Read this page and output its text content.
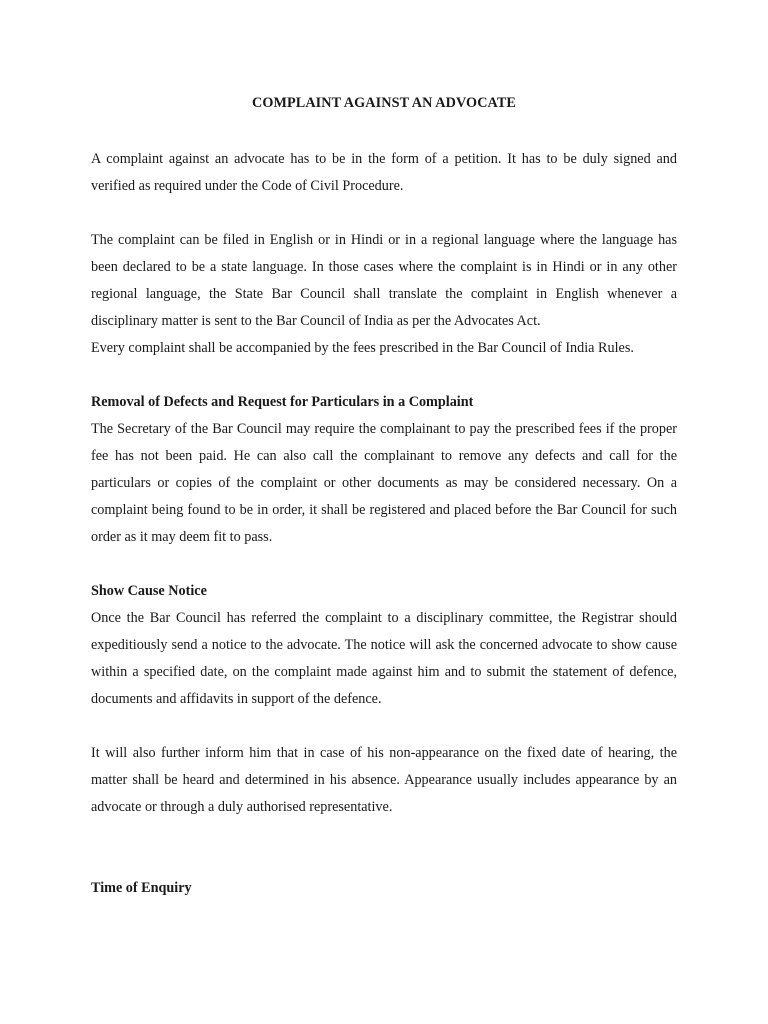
COMPLAINT AGAINST AN ADVOCATE

A complaint against an advocate has to be in the form of a petition. It has to be duly signed and verified as required under the Code of Civil Procedure.

The complaint can be filed in English or in Hindi or in a regional language where the language has been declared to be a state language. In those cases where the complaint is in Hindi or in any other regional language, the State Bar Council shall translate the complaint in English whenever a disciplinary matter is sent to the Bar Council of India as per the Advocates Act.

Every complaint shall be accompanied by the fees prescribed in the Bar Council of India Rules.

Removal of Defects and Request for Particulars in a Complaint

The Secretary of the Bar Council may require the complainant to pay the prescribed fees if the proper fee has not been paid. He can also call the complainant to remove any defects and call for the particulars or copies of the complaint or other documents as may be considered necessary. On a complaint being found to be in order, it shall be registered and placed before the Bar Council for such order as it may deem fit to pass.

Show Cause Notice

Once the Bar Council has referred the complaint to a disciplinary committee, the Registrar should expeditiously send a notice to the advocate. The notice will ask the concerned advocate to show cause within a specified date, on the complaint made against him and to submit the statement of defence, documents and affidavits in support of the defence.

It will also further inform him that in case of his non-appearance on the fixed date of hearing, the matter shall be heard and determined in his absence. Appearance usually includes appearance by an advocate or through a duly authorised representative.

Time of Enquiry
